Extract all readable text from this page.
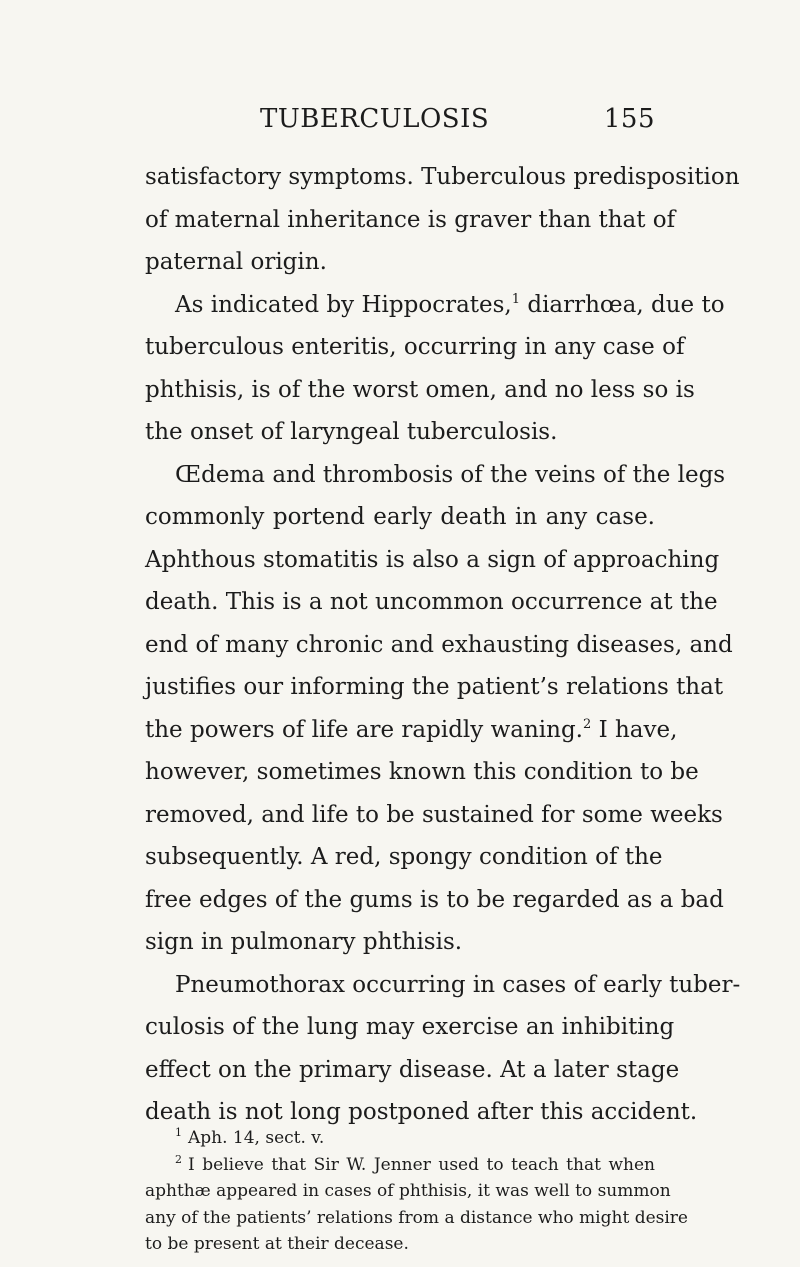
TUBERCULOSIS	155
satisfactory symptoms. Tuberculous predisposition
of maternal inheritance is graver than that of
paternal origin.
As indicated by Hippocrates,$^1$ diarrhœa, due to
tuberculous enteritis, occurring in any case of
phthisis, is of the worst omen, and no less so is
the onset of laryngeal tuberculosis.
Œdema and thrombosis of the veins of the legs
commonly portend early death in any case.
Aphthous stomatitis is also a sign of approaching
death. This is a not uncommon occurrence at the
end of many chronic and exhausting diseases, and
justifies our informing the patient’s relations that
the powers of life are rapidly waning.$^2$ I have,
however, sometimes known this condition to be
removed, and life to be sustained for some weeks
subsequently. A red, spongy condition of the
free edges of the gums is to be regarded as a bad
sign in pulmonary phthisis.
Pneumothorax occurring in cases of early tuber-
culosis of the lung may exercise an inhibiting
effect on the primary disease. At a later stage
death is not long postponed after this accident.
$^1$ Aph. 14, sect. v.
$^2$ I believe that Sir W. Jenner used to teach that when
aphthæ appeared in cases of phthisis, it was well to summon
any of the patients’ relations from a distance who might desire
to be present at their decease.
